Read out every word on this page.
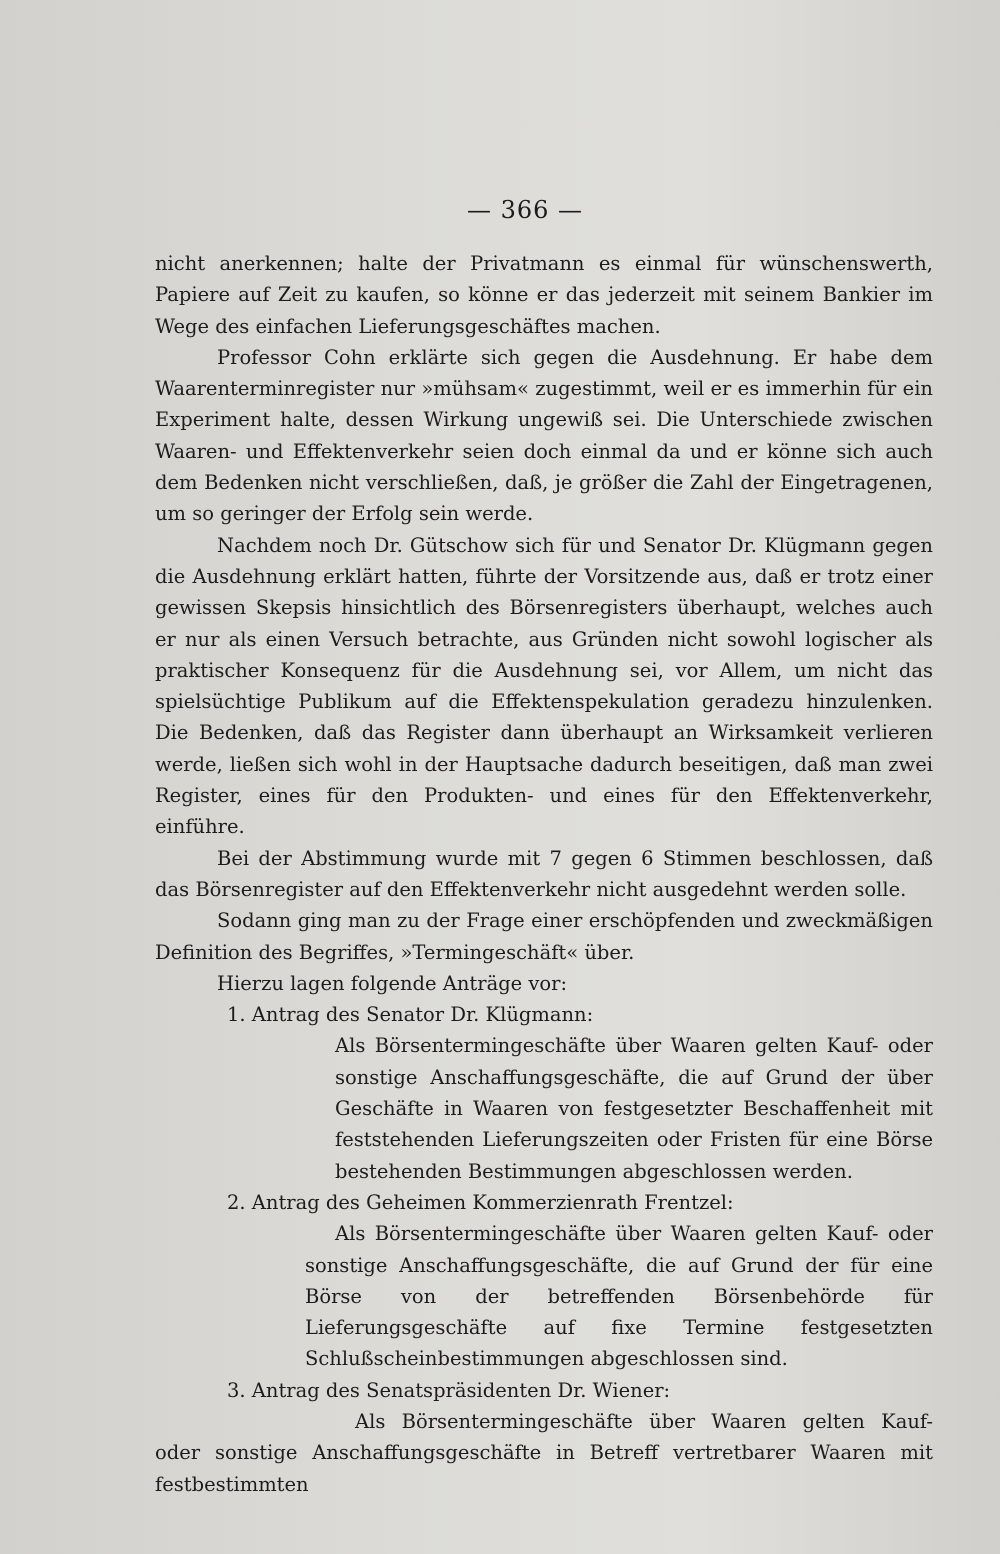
— 366 —

nicht anerkennen; halte der Privatmann es einmal für wünschenswerth, Papiere auf Zeit zu kaufen, so könne er das jederzeit mit seinem Bankier im Wege des einfachen Lieferungsgeschäftes machen.

Professor Cohn erklärte sich gegen die Ausdehnung. Er habe dem Waarenterminregister nur »mühsam« zugestimmt, weil er es immerhin für ein Experiment halte, dessen Wirkung ungewiß sei. Die Unterschiede zwischen Waaren- und Effektenverkehr seien doch einmal da und er könne sich auch dem Bedenken nicht verschließen, daß, je größer die Zahl der Eingetragenen, um so geringer der Erfolg sein werde.

Nachdem noch Dr. Gütschow sich für und Senator Dr. Klügmann gegen die Ausdehnung erklärt hatten, führte der Vorsitzende aus, daß er trotz einer gewissen Skepsis hinsichtlich des Börsenregisters überhaupt, welches auch er nur als einen Versuch betrachte, aus Gründen nicht sowohl logischer als praktischer Konsequenz für die Ausdehnung sei, vor Allem, um nicht das spielsüchtige Publikum auf die Effektenspekulation geradezu hinzulenken. Die Bedenken, daß das Register dann überhaupt an Wirksamkeit verlieren werde, ließen sich wohl in der Hauptsache dadurch beseitigen, daß man zwei Register, eines für den Produkten- und eines für den Effektenverkehr, einführe.

Bei der Abstimmung wurde mit 7 gegen 6 Stimmen beschlossen, daß das Börsenregister auf den Effektenverkehr nicht ausgedehnt werden solle.

Sodann ging man zu der Frage einer erschöpfenden und zweckmäßigen Definition des Begriffes, »Termingeschäft« über.

Hierzu lagen folgende Anträge vor:

1. Antrag des Senator Dr. Klügmann:

Als Börsentermingeschäfte über Waaren gelten Kauf- oder sonstige Anschaffungsgeschäfte, die auf Grund der über Geschäfte in Waaren von festgesetzter Beschaffenheit mit feststehenden Lieferungszeiten oder Fristen für eine Börse bestehenden Bestimmungen abgeschlossen werden.

2. Antrag des Geheimen Kommerzienrath Frentzel:

Als Börsentermingeschäfte über Waaren gelten Kauf- oder sonstige Anschaffungsgeschäfte, die auf Grund der für eine Börse von der betreffenden Börsenbehörde für Lieferungsgeschäfte auf fixe Termine festgesetzten Schlußscheinbestimmungen abgeschlossen sind.

3. Antrag des Senatspräsidenten Dr. Wiener:

Als Börsentermingeschäfte über Waaren gelten Kauf- oder sonstige Anschaffungsgeschäfte in Betreff vertretbarer Waaren mit festbestimmten
